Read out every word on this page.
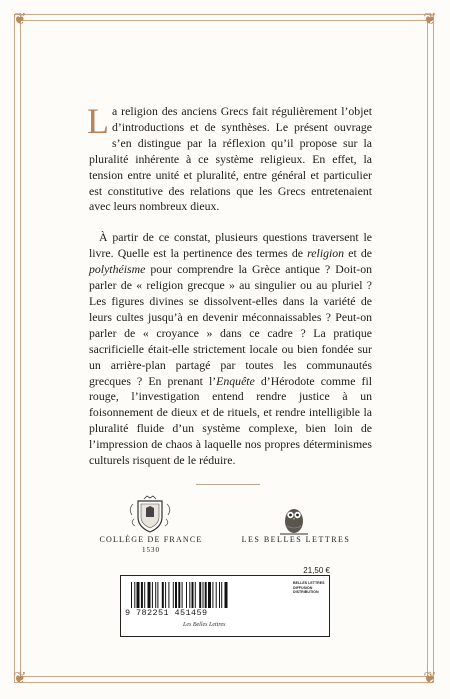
❦	❦
❦	❦

La religion des anciens Grecs fait régulièrement l’objet d’introductions et de synthèses. Le présent ouvrage s’en distingue par la réflexion qu’il propose sur la pluralité inhérente à ce système religieux. En effet, la tension entre unité et pluralité, entre général et particulier est constitutive des relations que les Grecs entretenaient avec leurs nombreux dieux.

À partir de ce constat, plusieurs questions traversent le livre. Quelle est la pertinence des termes de religion et de polythéisme pour comprendre la Grèce antique ? Doit-on parler de « religion grecque » au singulier ou au pluriel ? Les figures divines se dissolvent-elles dans la variété de leurs cultes jusqu’à en devenir méconnaissables ? Peut-on parler de « croyance » dans ce cadre ? La pratique sacrificielle était-elle strictement locale ou bien fondée sur un arrière-plan partagé par toutes les communautés grecques ? En prenant l’Enquête d’Hérodote comme fil rouge, l’investigation entend rendre justice à un foisonnement de dieux et de rituels, et rendre intelligible la pluralité fluide d’un système complexe, bien loin de l’impression de chaos à laquelle nos propres déterminismes culturels risquent de le réduire.

COLLÈGE DE FRANCE
1530
LES BELLES LETTRES
21,50 €
9 782251 451459
Les Belles Lettres
BELLES LETTRES DIFFUSION DISTRIBUTION
